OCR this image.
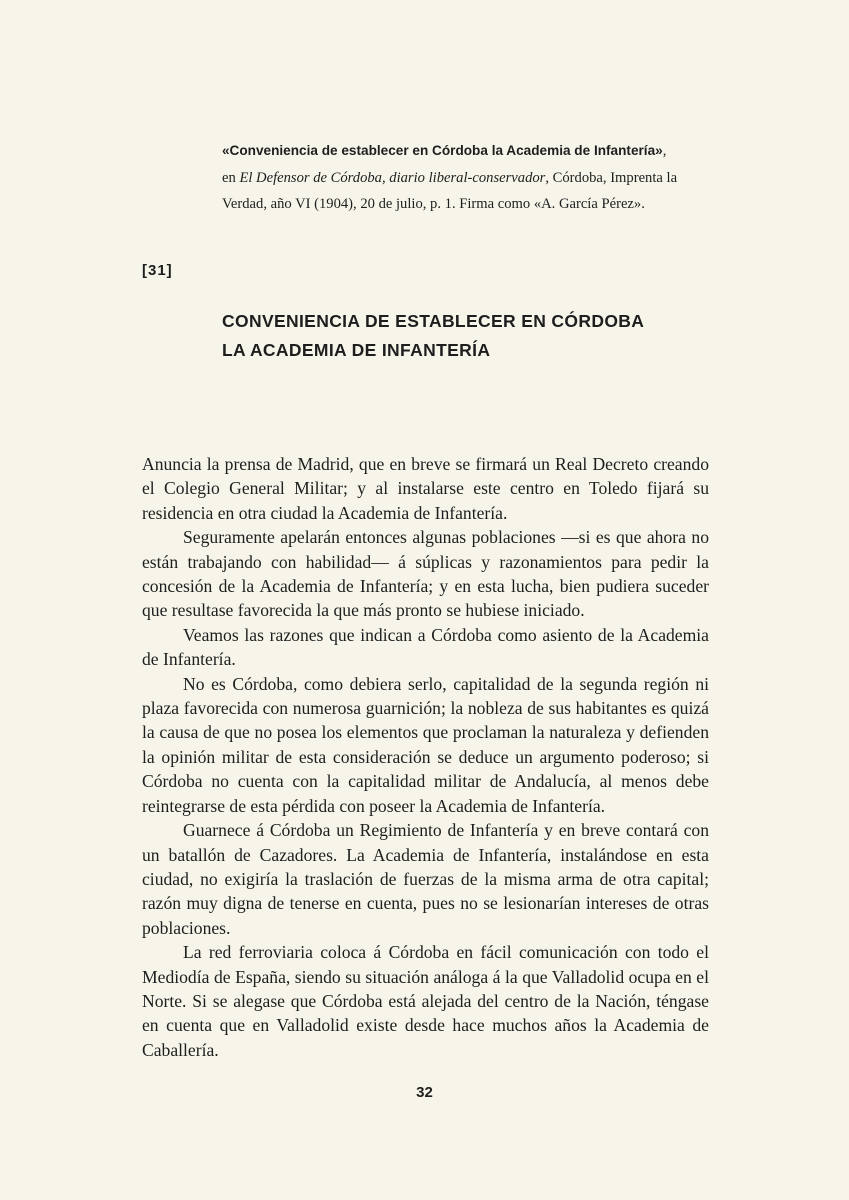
«Conveniencia de establecer en Córdoba la Academia de Infantería»,
en El Defensor de Córdoba, diario liberal-conservador, Córdoba, Imprenta la Verdad, año VI (1904), 20 de julio, p. 1. Firma como «A. García Pérez».

[31]

CONVENIENCIA DE ESTABLECER EN CÓRDOBA
LA ACADEMIA DE INFANTERÍA

Anuncia la prensa de Madrid, que en breve se firmará un Real Decreto creando el Colegio General Militar; y al instalarse este centro en Toledo fijará su residencia en otra ciudad la Academia de Infantería.

Seguramente apelarán entonces algunas poblaciones —si es que ahora no están trabajando con habilidad— á súplicas y razonamientos para pedir la concesión de la Academia de Infantería; y en esta lucha, bien pudiera suceder que resultase favorecida la que más pronto se hubiese iniciado.

Veamos las razones que indican a Córdoba como asiento de la Academia de Infantería.

No es Córdoba, como debiera serlo, capitalidad de la segunda región ni plaza favorecida con numerosa guarnición; la nobleza de sus habitantes es quizá la causa de que no posea los elementos que proclaman la naturaleza y defienden la opinión militar de esta consideración se deduce un argumento poderoso; si Córdoba no cuenta con la capitalidad militar de Andalucía, al menos debe reintegrarse de esta pérdida con poseer la Academia de Infantería.

Guarnece á Córdoba un Regimiento de Infantería y en breve contará con un batallón de Cazadores. La Academia de Infantería, instalándose en esta ciudad, no exigiría la traslación de fuerzas de la misma arma de otra capital; razón muy digna de tenerse en cuenta, pues no se lesionarían intereses de otras poblaciones.

La red ferroviaria coloca á Córdoba en fácil comunicación con todo el Mediodía de España, siendo su situación análoga á la que Valladolid ocupa en el Norte. Si se alegase que Córdoba está alejada del centro de la Nación, téngase en cuenta que en Valladolid existe desde hace muchos años la Academia de Caballería.

32
